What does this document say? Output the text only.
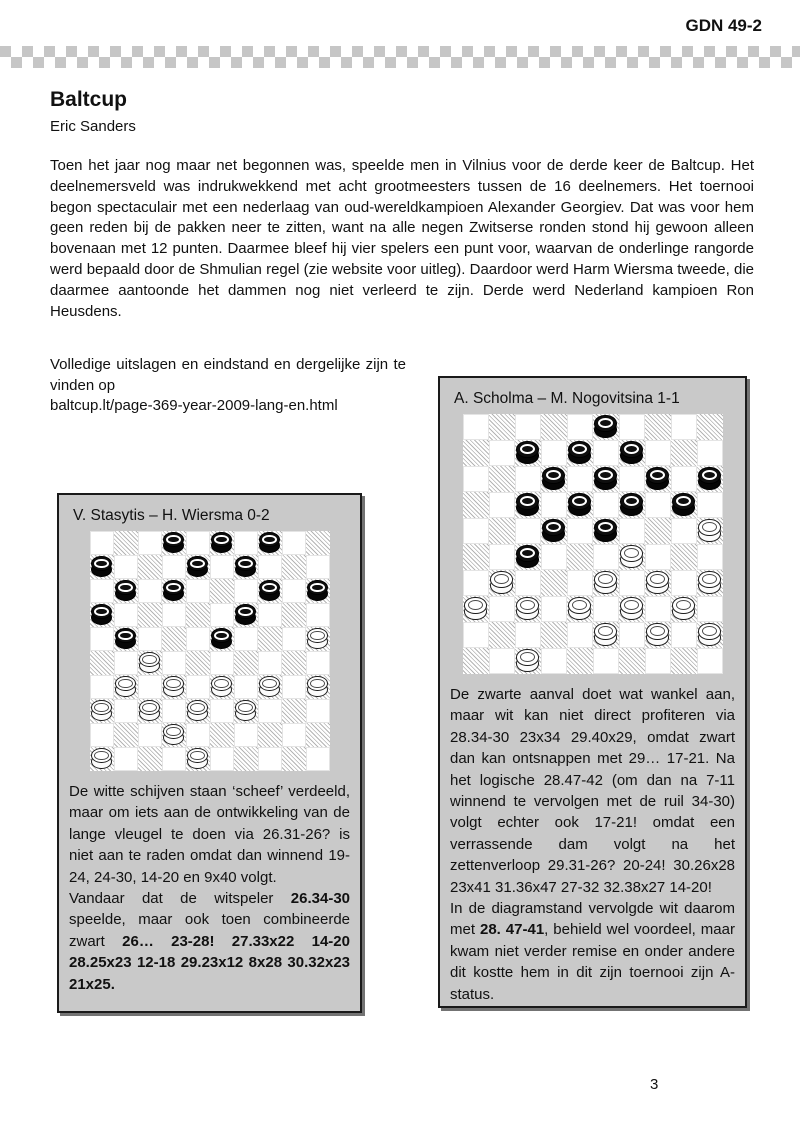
GDN 49-2
Baltcup
Eric Sanders

Toen het jaar nog maar net begonnen was, speelde men in Vilnius voor de derde keer de Baltcup. Het deelnemersveld was indrukwekkend met acht grootmeesters tussen de 16 deelnemers. Het toernooi begon spectaculair met een nederlaag van oud-wereldkampioen Alexander Georgiev. Dat was voor hem geen reden bij de pakken neer te zitten, want na alle negen Zwitserse ronden stond hij gewoon alleen bovenaan met 12 punten. Daarmee bleef hij vier spelers een punt voor, waarvan de onderlinge rangorde werd bepaald door de Shmulian regel (zie website voor uitleg). Daardoor werd Harm Wiersma tweede, die daarmee aantoonde het dammen nog niet verleerd te zijn. Derde werd Nederland kampioen Ron Heusdens.

Volledige uitslagen en eindstand en dergelijke zijn te vinden op

baltcup.lt/page-369-year-2009-lang-en.html
V. Stasytis – H. Wiersma 0-2

De witte schijven staan ‘scheef’ verdeeld, maar om iets aan de ontwikkeling van de lange vleugel te doen via 26.31-26? is niet aan te raden omdat dan winnend 19-24, 24-30, 14-20 en 9x40 volgt.

Vandaar dat de witspeler 26.34-30 speelde, maar ook toen combineerde zwart 26… 23-28! 27.33x22 14-20 28.25x23 12-18 29.23x12 8x28 30.32x23 21x25.

A. Scholma – M. Nogovitsina 1-1

De zwarte aanval doet wat wankel aan, maar wit kan niet direct profiteren via 28.34-30 23x34 29.40x29, omdat zwart dan kan ontsnappen met 29… 17-21. Na het logische 28.47-42 (om dan na 7-11 winnend te vervolgen met de ruil 34-30) volgt echter ook 17-21! omdat een verrassende dam volgt na het zettenverloop 29.31-26? 20-24! 30.26x28 23x41 31.36x47 27-32 32.38x27 14-20!

In de diagramstand vervolgde wit daarom met 28. 47-41, behield wel voordeel, maar kwam niet verder remise en onder andere dit kostte hem in dit zijn toernooi zijn A-status.

3
